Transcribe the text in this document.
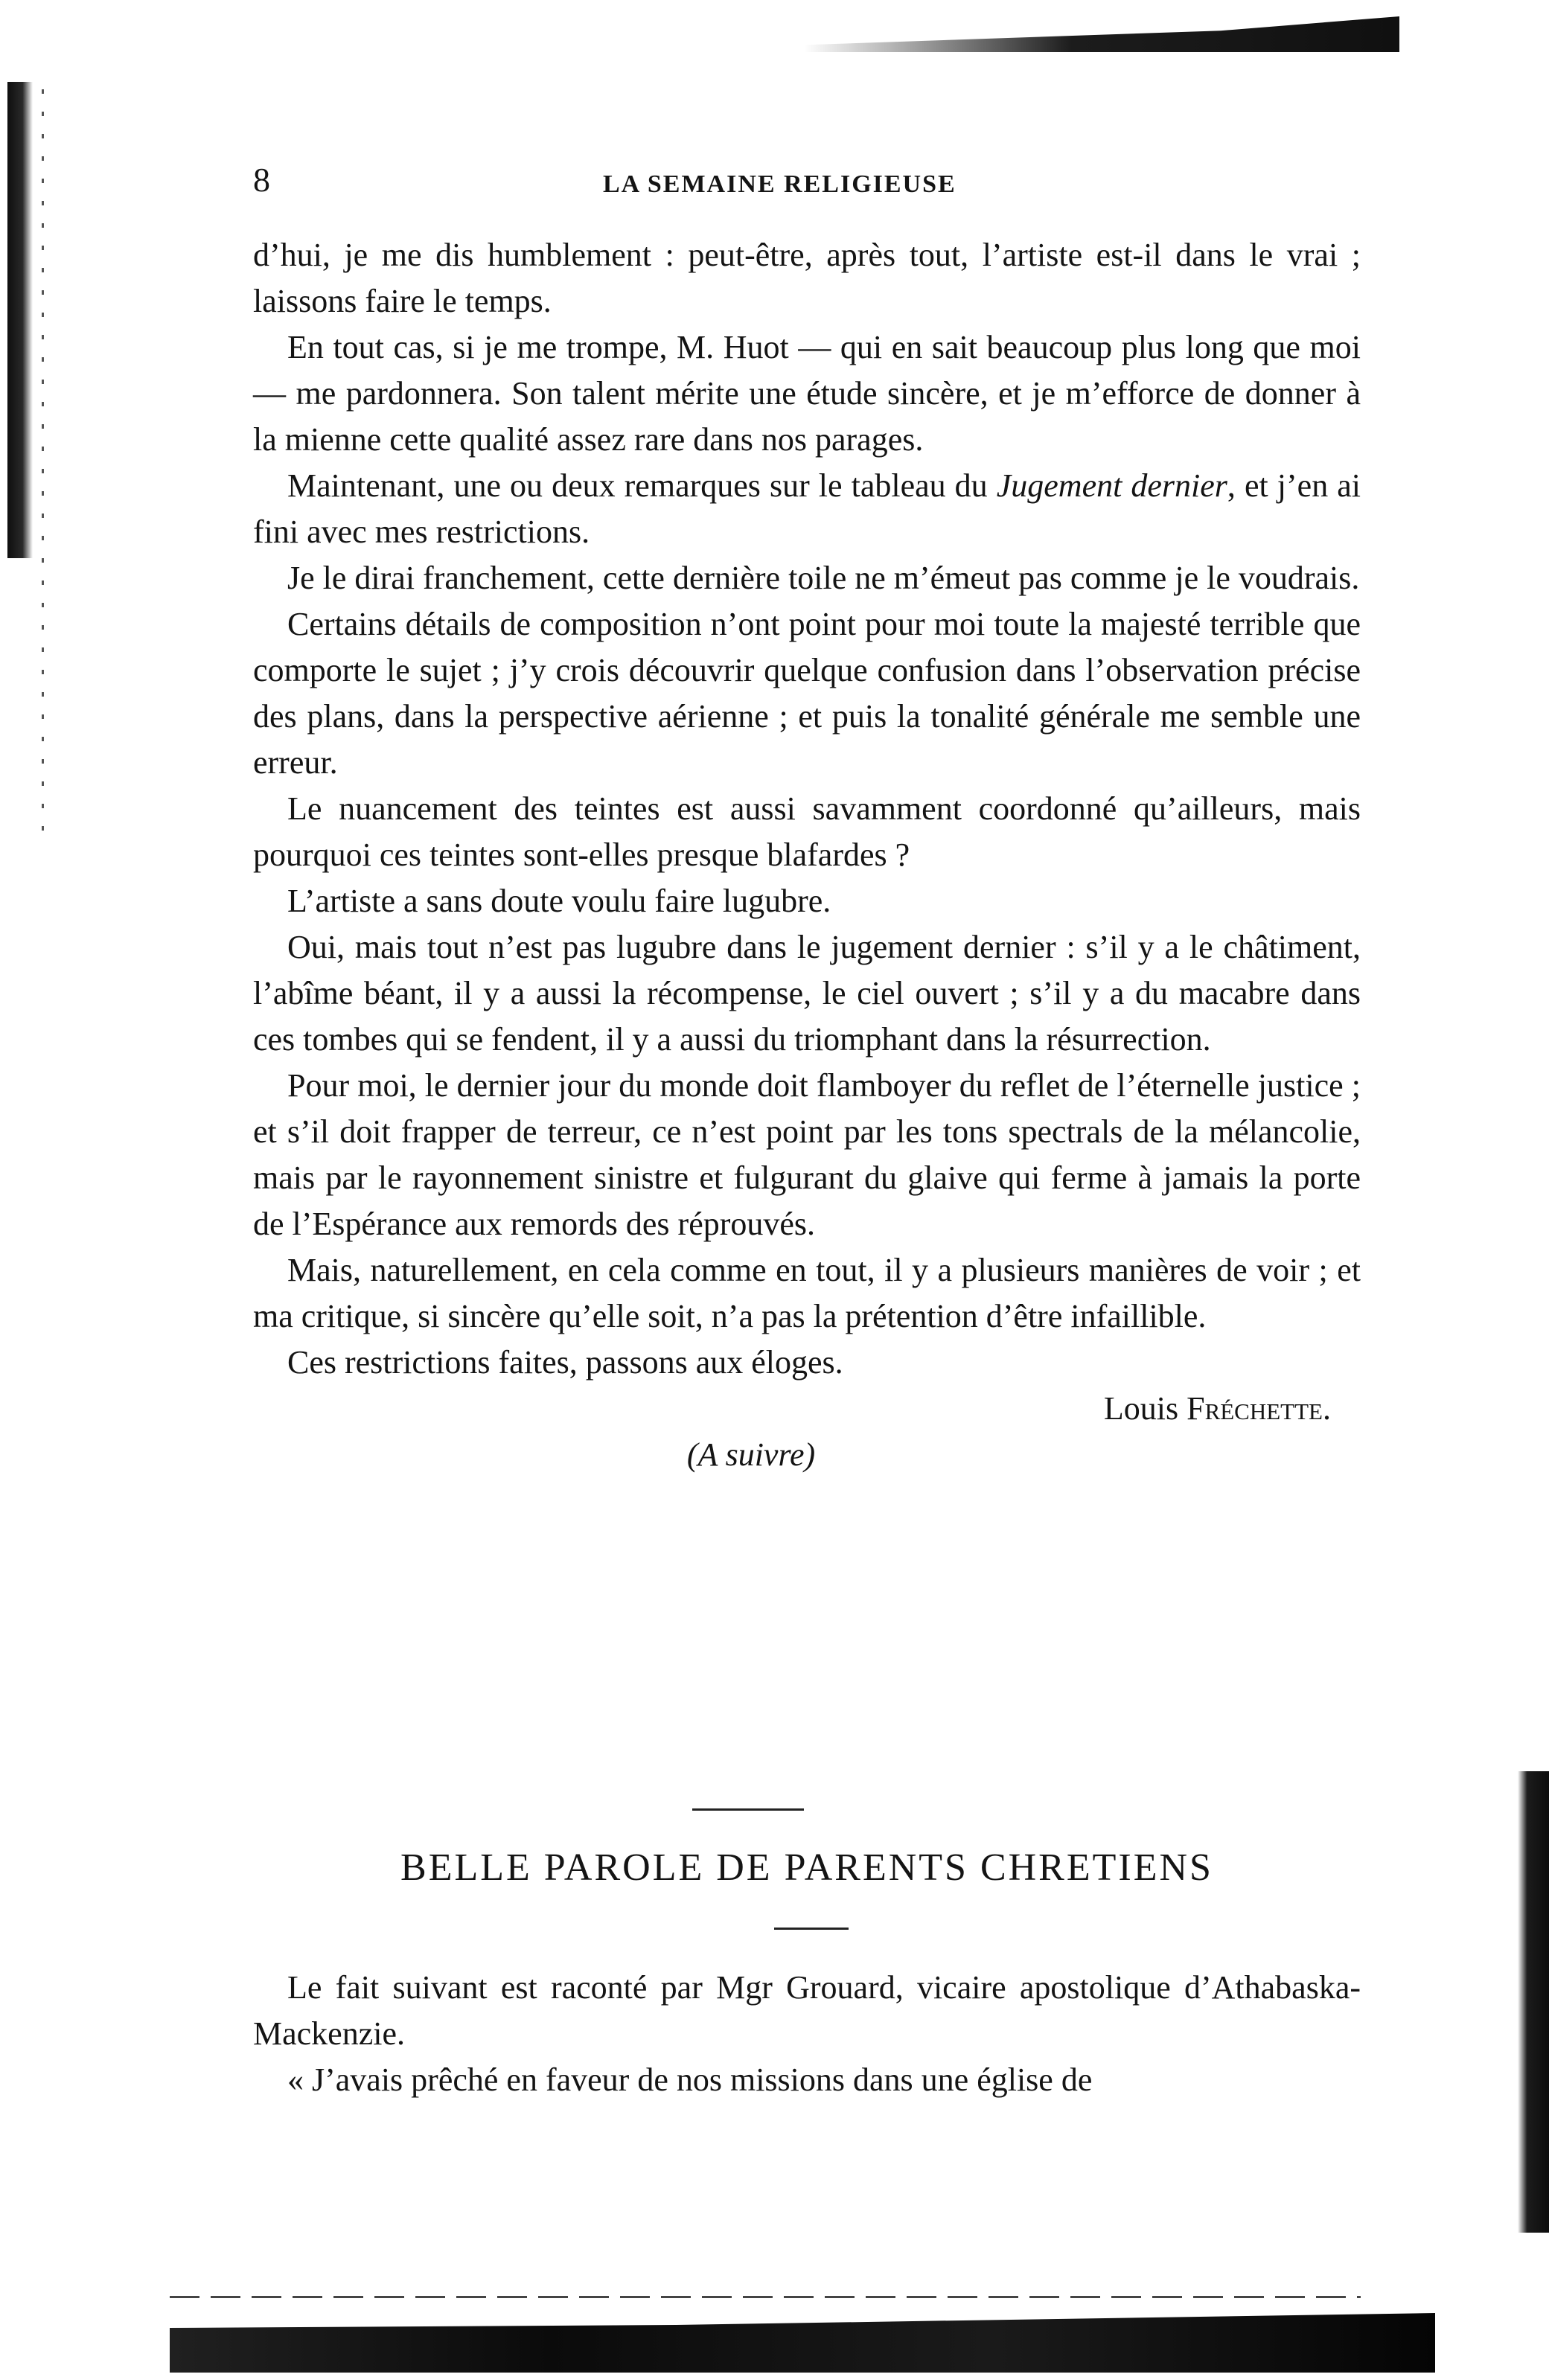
8	LA SEMAINE RELIGIEUSE

d’hui, je me dis humblement : peut-être, après tout, l’artiste est-il dans le vrai ; laissons faire le temps.

En tout cas, si je me trompe, M. Huot — qui en sait beaucoup plus long que moi — me pardonnera. Son talent mérite une étude sincère, et je m’efforce de donner à la mienne cette qualité assez rare dans nos parages.

Maintenant, une ou deux remarques sur le tableau du Jugement dernier, et j’en ai fini avec mes restrictions.

Je le dirai franchement, cette dernière toile ne m’émeut pas comme je le voudrais.

Certains détails de composition n’ont point pour moi toute la majesté terrible que comporte le sujet ; j’y crois découvrir quelque confusion dans l’observation précise des plans, dans la perspective aérienne ; et puis la tonalité générale me semble une erreur.

Le nuancement des teintes est aussi savamment coordonné qu’ailleurs, mais pourquoi ces teintes sont-elles presque blafardes ?

L’artiste a sans doute voulu faire lugubre.

Oui, mais tout n’est pas lugubre dans le jugement dernier : s’il y a le châtiment, l’abîme béant, il y a aussi la récompense, le ciel ouvert ; s’il y a du macabre dans ces tombes qui se fendent, il y a aussi du triomphant dans la résurrection.

Pour moi, le dernier jour du monde doit flamboyer du reflet de l’éternelle justice ; et s’il doit frapper de terreur, ce n’est point par les tons spectrals de la mélancolie, mais par le rayonnement sinistre et fulgurant du glaive qui ferme à jamais la porte de l’Espérance aux remords des réprouvés.

Mais, naturellement, en cela comme en tout, il y a plusieurs manières de voir ; et ma critique, si sincère qu’elle soit, n’a pas la prétention d’être infaillible.

Ces restrictions faites, passons aux éloges.

Louis Fréchette.

(A suivre)

BELLE PAROLE DE PARENTS CHRETIENS

Le fait suivant est raconté par Mgr Grouard, vicaire apostolique d’Athabaska-Mackenzie.

« J’avais prêché en faveur de nos missions dans une église de
